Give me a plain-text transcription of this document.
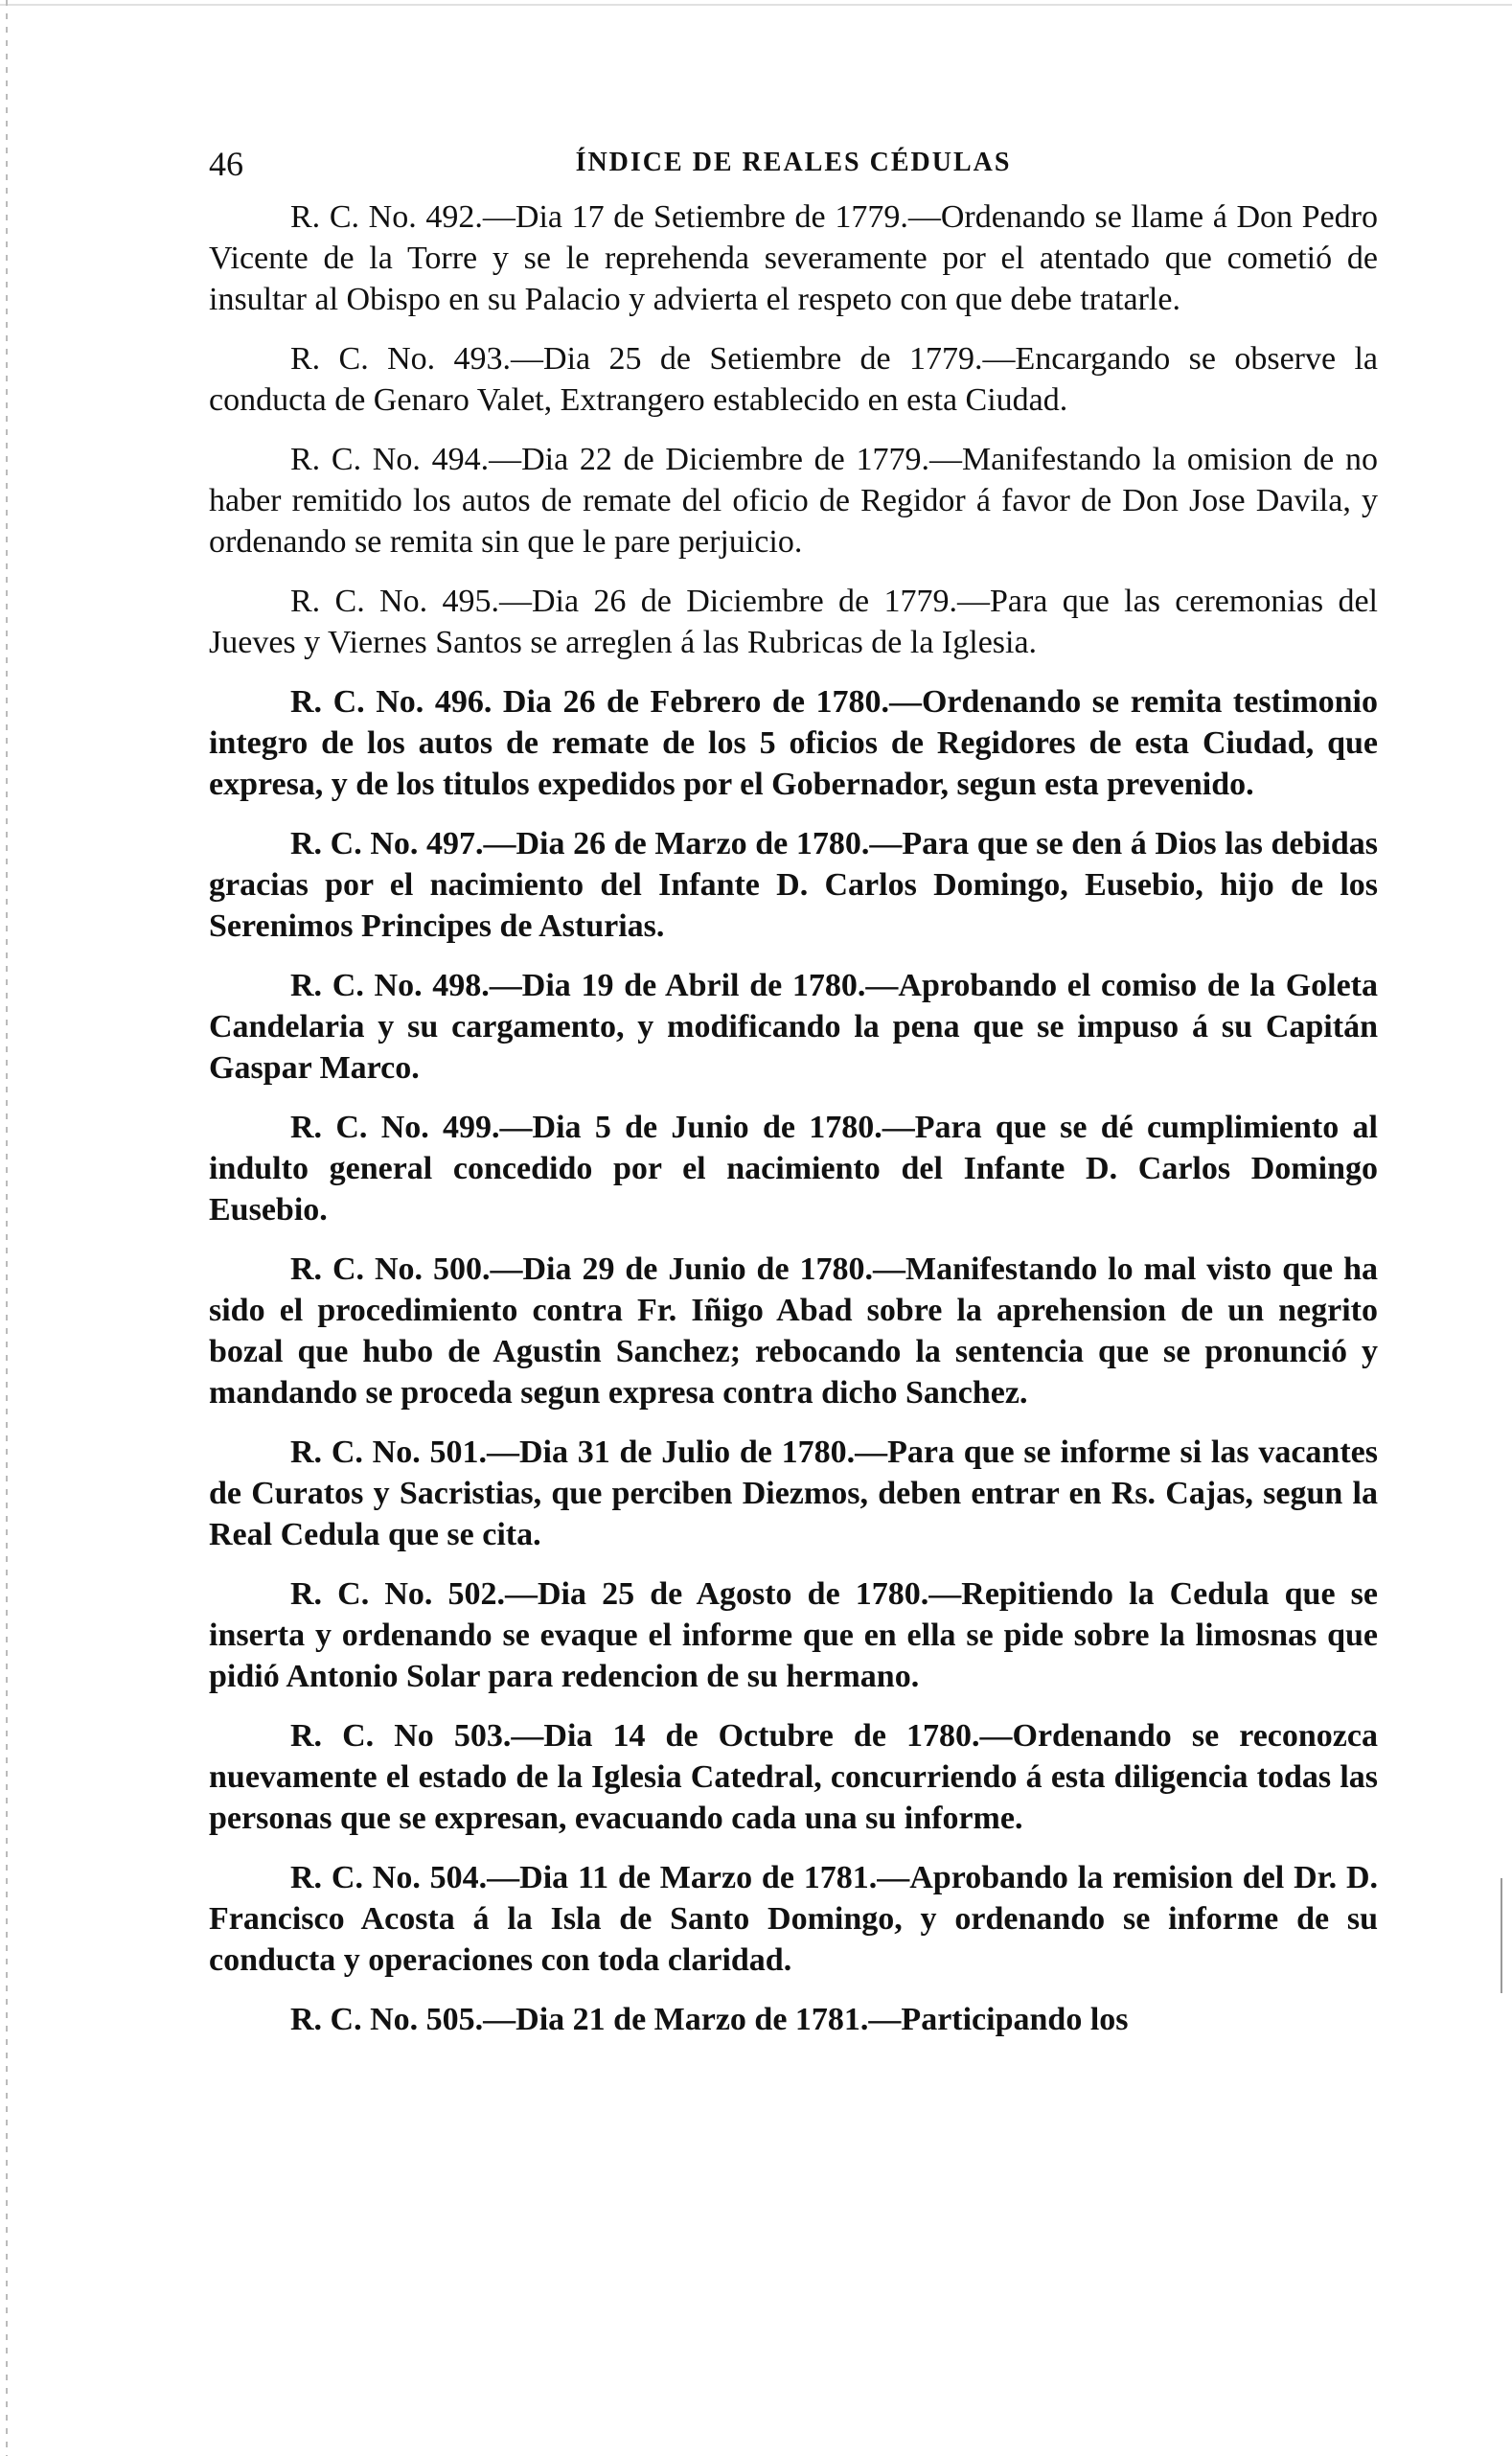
46	ÍNDICE DE REALES CÉDULAS

R. C. No. 492.—Dia 17 de Setiembre de 1779.—Ordenando se llame á Don Pedro Vicente de la Torre y se le reprehenda severamente por el atentado que cometió de insultar al Obispo en su Palacio y advierta el respeto con que debe tratarle.

R. C. No. 493.—Dia 25 de Setiembre de 1779.—Encargando se observe la conducta de Genaro Valet, Extrangero establecido en esta Ciudad.

R. C. No. 494.—Dia 22 de Diciembre de 1779.—Manifestando la omision de no haber remitido los autos de remate del oficio de Regidor á favor de Don Jose Davila, y ordenando se remita sin que le pare perjuicio.

R. C. No. 495.—Dia 26 de Diciembre de 1779.—Para que las ceremonias del Jueves y Viernes Santos se arreglen á las Rubricas de la Iglesia.

R. C. No. 496. Dia 26 de Febrero de 1780.—Ordenando se remita testimonio integro de los autos de remate de los 5 oficios de Regidores de esta Ciudad, que expresa, y de los titulos expedidos por el Gobernador, segun esta prevenido.

R. C. No. 497.—Dia 26 de Marzo de 1780.—Para que se den á Dios las debidas gracias por el nacimiento del Infante D. Carlos Domingo, Eusebio, hijo de los Serenimos Principes de Asturias.

R. C. No. 498.—Dia 19 de Abril de 1780.—Aprobando el comiso de la Goleta Candelaria y su cargamento, y modificando la pena que se impuso á su Capitán Gaspar Marco.

R. C. No. 499.—Dia 5 de Junio de 1780.—Para que se dé cumplimiento al indulto general concedido por el nacimiento del Infante D. Carlos Domingo Eusebio.

R. C. No. 500.—Dia 29 de Junio de 1780.—Manifestando lo mal visto que ha sido el procedimiento contra Fr. Iñigo Abad sobre la aprehension de un negrito bozal que hubo de Agustin Sanchez; rebocando la sentencia que se pronunció y mandando se proceda segun expresa contra dicho Sanchez.

R. C. No. 501.—Dia 31 de Julio de 1780.—Para que se informe si las vacantes de Curatos y Sacristias, que perciben Diezmos, deben entrar en Rs. Cajas, segun la Real Cedula que se cita.

R. C. No. 502.—Dia 25 de Agosto de 1780.—Repitiendo la Cedula que se inserta y ordenando se evaque el informe que en ella se pide sobre la limosnas que pidió Antonio Solar para redencion de su hermano.

R. C. No 503.—Dia 14 de Octubre de 1780.—Ordenando se reconozca nuevamente el estado de la Iglesia Catedral, concurriendo á esta diligencia todas las personas que se expresan, evacuando cada una su informe.

R. C. No. 504.—Dia 11 de Marzo de 1781.—Aprobando la remision del Dr. D. Francisco Acosta á la Isla de Santo Domingo, y ordenando se informe de su conducta y operaciones con toda claridad.

R. C. No. 505.—Dia 21 de Marzo de 1781.—Participando los
